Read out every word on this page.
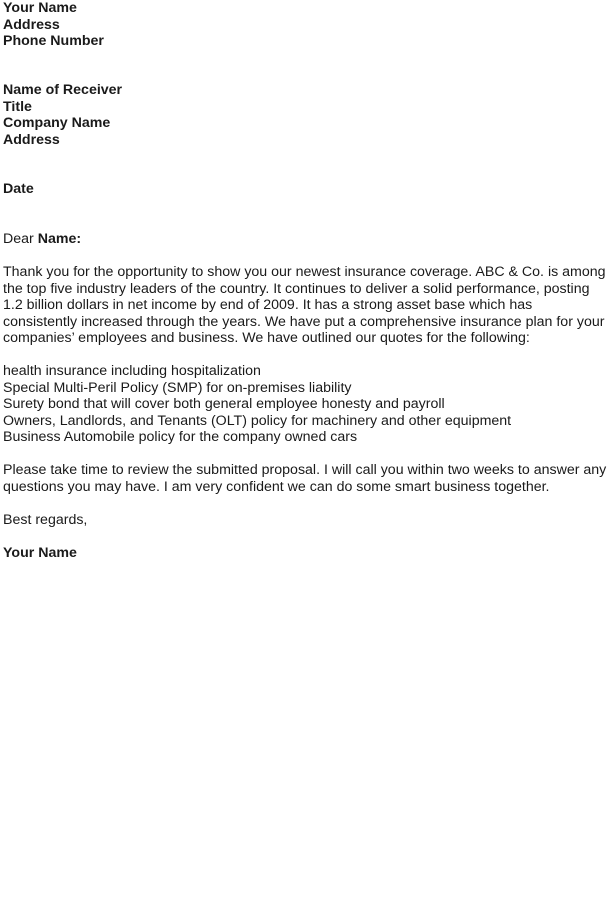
Your Name
Address
Phone Number
Name of Receiver
Title
Company Name
Address
Date
Dear Name:
Thank you for the opportunity to show you our newest insurance coverage. ABC & Co. is among
the top five industry leaders of the country. It continues to deliver a solid performance, posting
1.2 billion dollars in net income by end of 2009. It has a strong asset base which has
consistently increased through the years. We have put a comprehensive insurance plan for your
companies’ employees and business. We have outlined our quotes for the following:
health insurance including hospitalization
Special Multi-Peril Policy (SMP) for on-premises liability
Surety bond that will cover both general employee honesty and payroll
Owners, Landlords, and Tenants (OLT) policy for machinery and other equipment
Business Automobile policy for the company owned cars
Please take time to review the submitted proposal. I will call you within two weeks to answer any
questions you may have. I am very confident we can do some smart business together.
Best regards,
Your Name
